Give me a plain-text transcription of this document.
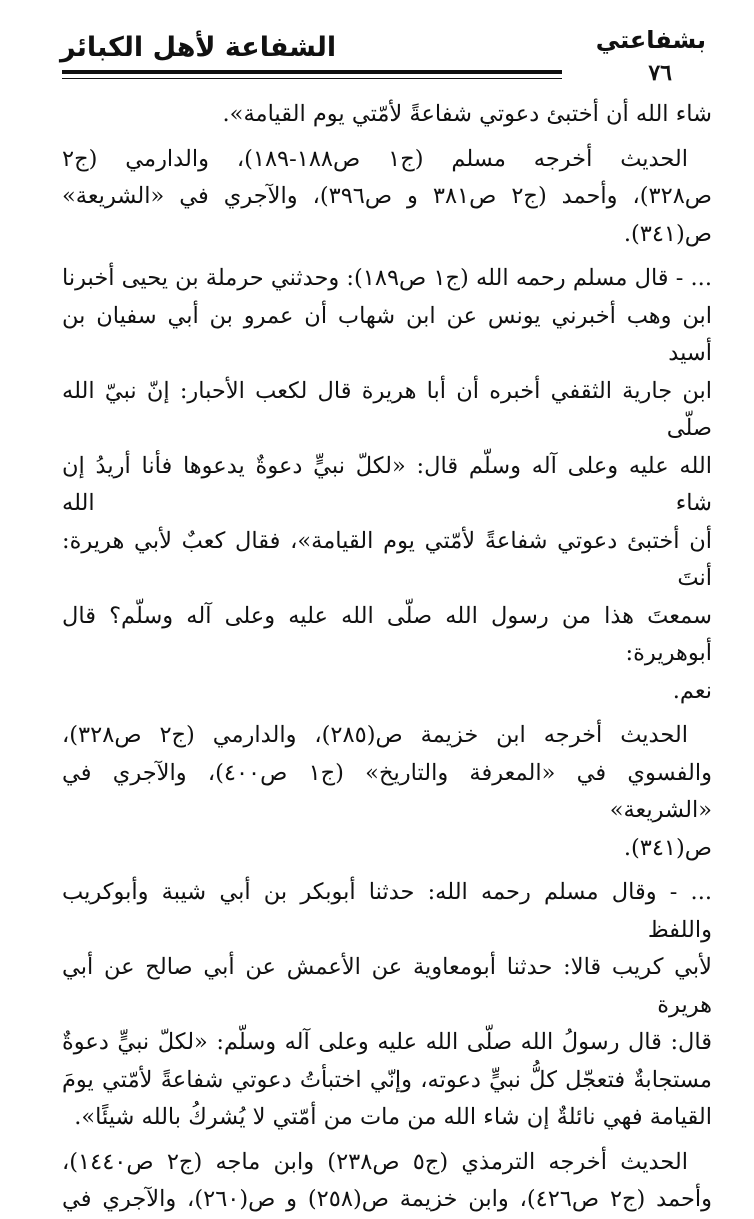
الشفاعة لأهل الكبائر	بشفاعتي
٧٦

شاء الله أن أختبئ دعوتي شفاعةً لأمّتي يوم القيامة».

الحديث أخرجه مسلم (ج١ ص١٨٨-١٨٩)، والدارمي (ج٢

ص٣٢٨)، وأحمد (ج٢ ص٣٨١ و ص٣٩٦)، والآجري في «الشريعة»

ص(٣٤١).

... - قال مسلم رحمه الله (ج١ ص١٨٩): وحدثني حرملة بن يحيى أخبرنا

ابن وهب أخبرني يونس عن ابن شهاب أن عمرو بن أبي سفيان بن أسيد

ابن جارية الثقفي أخبره أن أبا هريرة قال لكعب الأحبار: إنّ نبيّ الله صلّى

الله عليه وعلى آله وسلّم قال: «لكلّ نبيٍّ دعوةٌ يدعوها فأنا أريدُ إن شاء الله

أن أختبئ دعوتي شفاعةً لأمّتي يوم القيامة»، فقال كعبٌ لأبي هريرة: أنتَ

سمعتَ هذا من رسول الله صلّى الله عليه وعلى آله وسلّم؟ قال أبوهريرة:

نعم.

الحديث أخرجه ابن خزيمة ص(٢٨٥)، والدارمي (ج٢ ص٣٢٨)،

والفسوي في «المعرفة والتاريخ» (ج١ ص٤٠٠)، والآجري في «الشريعة»

ص(٣٤١).

... - وقال مسلم رحمه الله: حدثنا أبوبكر بن أبي شيبة وأبوكريب واللفظ

لأبي كريب قالا: حدثنا أبومعاوية عن الأعمش عن أبي صالح عن أبي هريرة

قال: قال رسولُ الله صلّى الله عليه وعلى آله وسلّم: «لكلّ نبيٍّ دعوةٌ

مستجابةٌ فتعجّل كلُّ نبيٍّ دعوته، وإنّي اختبأتُ دعوتي شفاعةً لأمّتي يومَ

القيامة فهي نائلةٌ إن شاء الله من مات من أمّتي لا يُشركُ بالله شيئًا».

الحديث أخرجه الترمذي (ج٥ ص٢٣٨) وابن ماجه (ج٢ ص١٤٤٠)،

وأحمد (ج٢ ص٤٢٦)، وابن خزيمة ص(٢٥٨) و ص(٢٦٠)، والآجري في
